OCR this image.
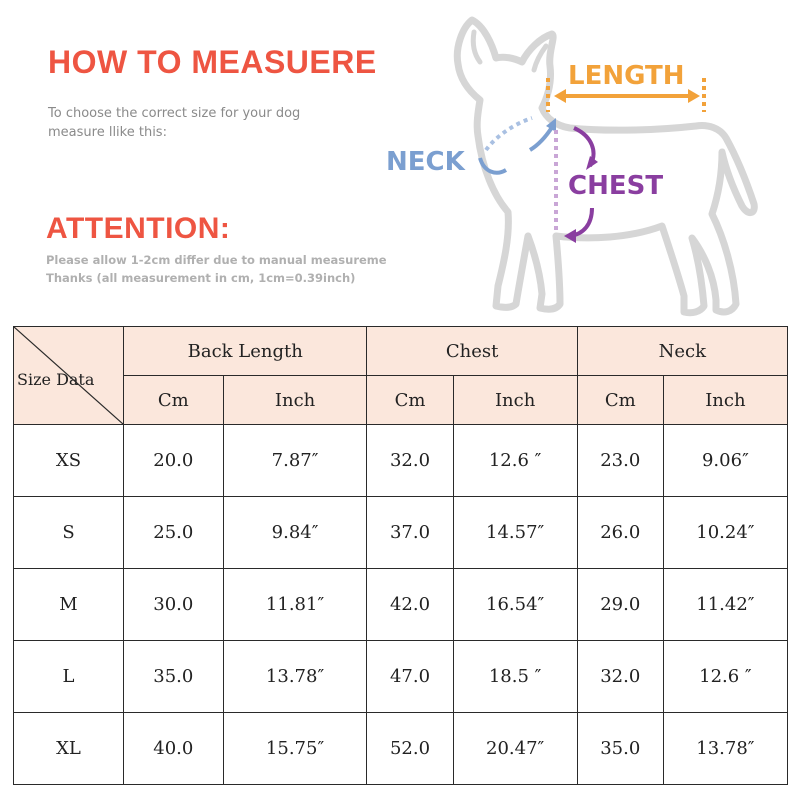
HOW TO MEASUERE
To choose the correct size for your dog
measure llike this:
ATTENTION:
Please allow 1-2cm differ due to manual measureme
Thanks (all measurement in cm, 1cm=0.39inch)
LENGTH
NECK
CHEST
Size Data	Back Length		Chest		Neck	
	Cm	Inch	Cm	Inch	Cm	Inch
XS	20.0	7.87″	32.0	12.6 ″	23.0	9.06″
S	25.0	9.84″	37.0	14.57″	26.0	10.24″
M	30.0	11.81″	42.0	16.54″	29.0	11.42″
L	35.0	13.78″	47.0	18.5 ″	32.0	12.6 ″
XL	40.0	15.75″	52.0	20.47″	35.0	13.78″
